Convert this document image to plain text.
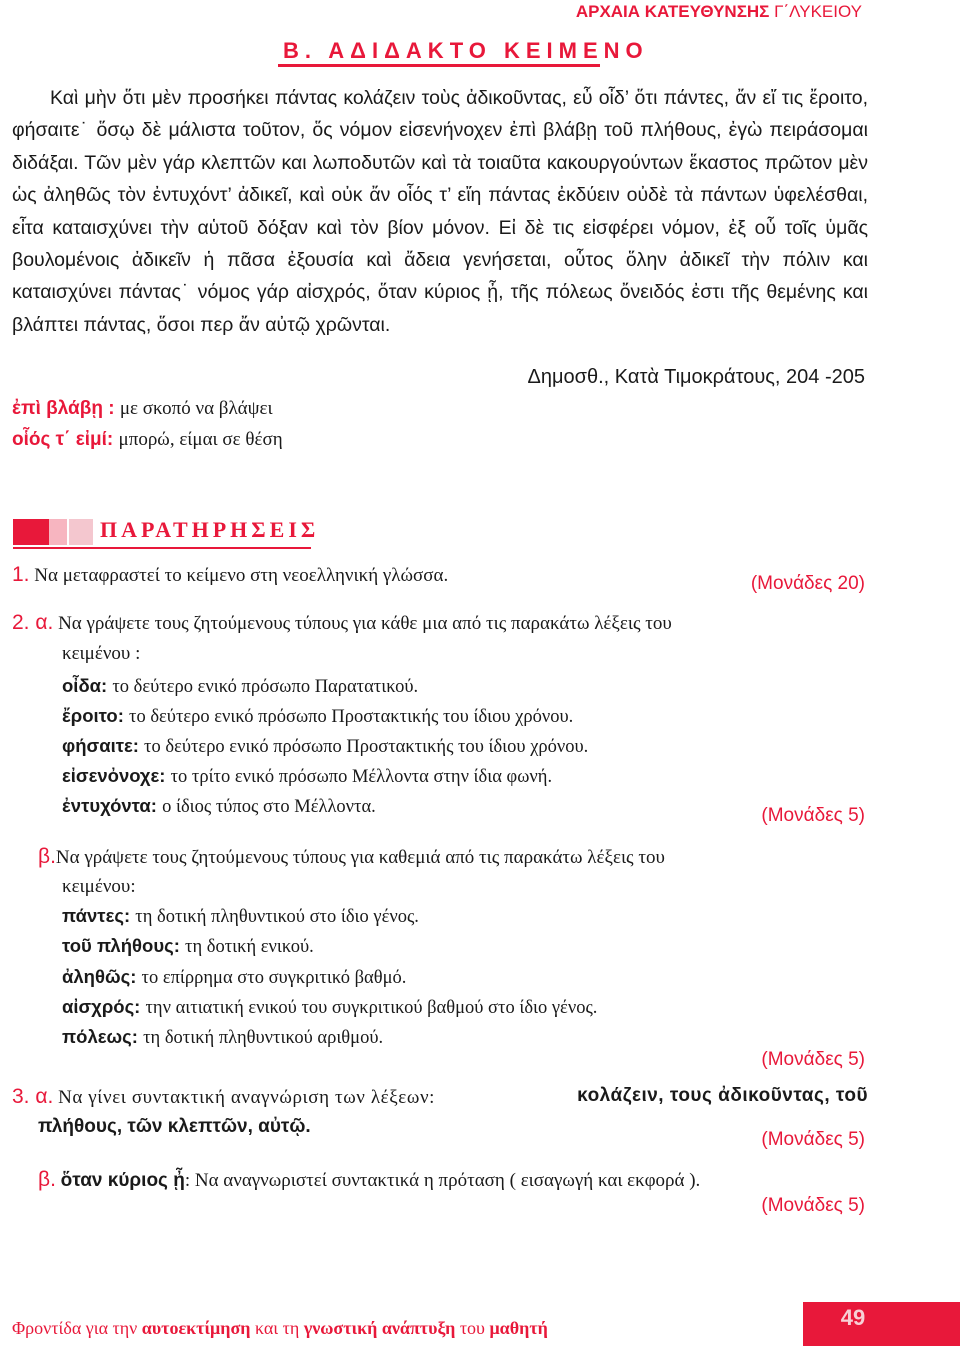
ΑΡΧΑΙΑ ΚΑΤΕΥΘΥΝΣΗΣ Γ΄ΛΥΚΕΙΟΥ
Β. ΑΔΙΔΑΚΤΟ ΚΕΙΜΕΝΟ

Καὶ μὴν ὅτι μὲν προσήκει πάντας κολάζειν τοὺς ἀδικοῦντας, εὖ οἶδ’ ὅτι πάντες, ἄν εἴ τις ἔροιτο, φήσαιτε˙ ὅσῳ δὲ μάλιστα τοῦτον, ὅς νόμον εἰσενήνοχεν ἐπὶ βλάβῃ τοῦ πλήθους, ἐγὼ πειράσομαι διδάξαι. Τῶν μὲν γάρ κλεπτῶν και λωποδυτῶν καὶ τὰ τοιαῦτα κακουργούντων ἕκαστος πρῶτον μὲν ὡς ἀληθῶς τὸν ἐντυχόντ’ ἀδικεῖ, καὶ οὐκ ἄν οἷός τ’ εἴη πάντας ἐκδύειν οὐδὲ τὰ πάντων ὑφελέσθαι, εἶτα καταισχύνει τὴν αὑτοῦ δόξαν καὶ τὸν βίον μόνον. Εἰ δὲ τις εἰσφέρει νόμον, ἐξ οὗ τοῖς ὑμᾶς βουλομένοις ἀδικεῖν ἡ πᾶσα ἐξουσία καὶ ἄδεια γενήσεται, οὗτος ὅλην ἀδικεῖ τὴν πόλιν και καταισχύνει πάντας˙ νόμος γάρ αἰσχρός, ὅταν κύριος ᾖ, τῆς πόλεως ὄνειδός ἐστι τῆς θεμένης και βλάπτει πάντας, ὅσοι περ ἄν αὐτῷ χρῶνται.

Δημοσθ., Κατὰ Τιμοκράτους, 204 -205
ἐπὶ βλάβῃ : με σκοπό να βλάψει
οἷός τ΄ εἰμί: μπορώ, είμαι σε θέση
ΠΑΡΑΤΗΡΗΣΕΙΣ
1. Να μεταφραστεί το κείμενο στη νεοελληνική γλώσσα.	(Μονάδες 20)
2. α. Να γράψετε τους ζητούμενους τύπους για κάθε μια από τις παρακάτω λέξεις του
κειμένου :
οἶδα: το δεύτερο ενικό πρόσωπο Παρατατικού.
ἔροιτο: το δεύτερο ενικό πρόσωπο Προστακτικής του ίδιου χρόνου.
φήσαιτε: το δεύτερο ενικό πρόσωπο Προστακτικής του ίδιου χρόνου.
εἰσενὀνοχε: το τρίτο ενικό πρόσωπο Μέλλοντα στην ίδια φωνή.
ἐντυχόντα: ο ίδιος τύπος στο Μέλλοντα.	(Μονάδες 5)
β.Να γράψετε τους ζητούμενους τύπους για καθεμιά από τις παρακάτω λέξεις του
κειμένου:
πάντες: τη δοτική πληθυντικού στο ίδιο γένος.
τοῦ πλήθους: τη δοτική ενικού.
ἀληθῶς: το επίρρημα στο συγκριτικό βαθμό.
αἰσχρός: την αιτιατική ενικού του συγκριτικού βαθμού στο ίδιο γένος.
πόλεως: τη δοτική πληθυντικού αριθμού.
(Μονάδες 5)
3. α. Να γίνει συντακτική αναγνώριση των λέξεων:	κολάζειν, τους ἀδικοῦντας, τοῦ
πλήθους, τῶν κλεπτῶν, αὐτῷ.
(Μονάδες 5)
β. ὅταν κύριος ᾖ: Να αναγνωριστεί συντακτικά η πρόταση ( εισαγωγή και εκφορά ).
(Μονάδες 5)
Φροντίδα για την αυτοεκτίμηση και τη γνωστική ανάπτυξη του μαθητή	49
